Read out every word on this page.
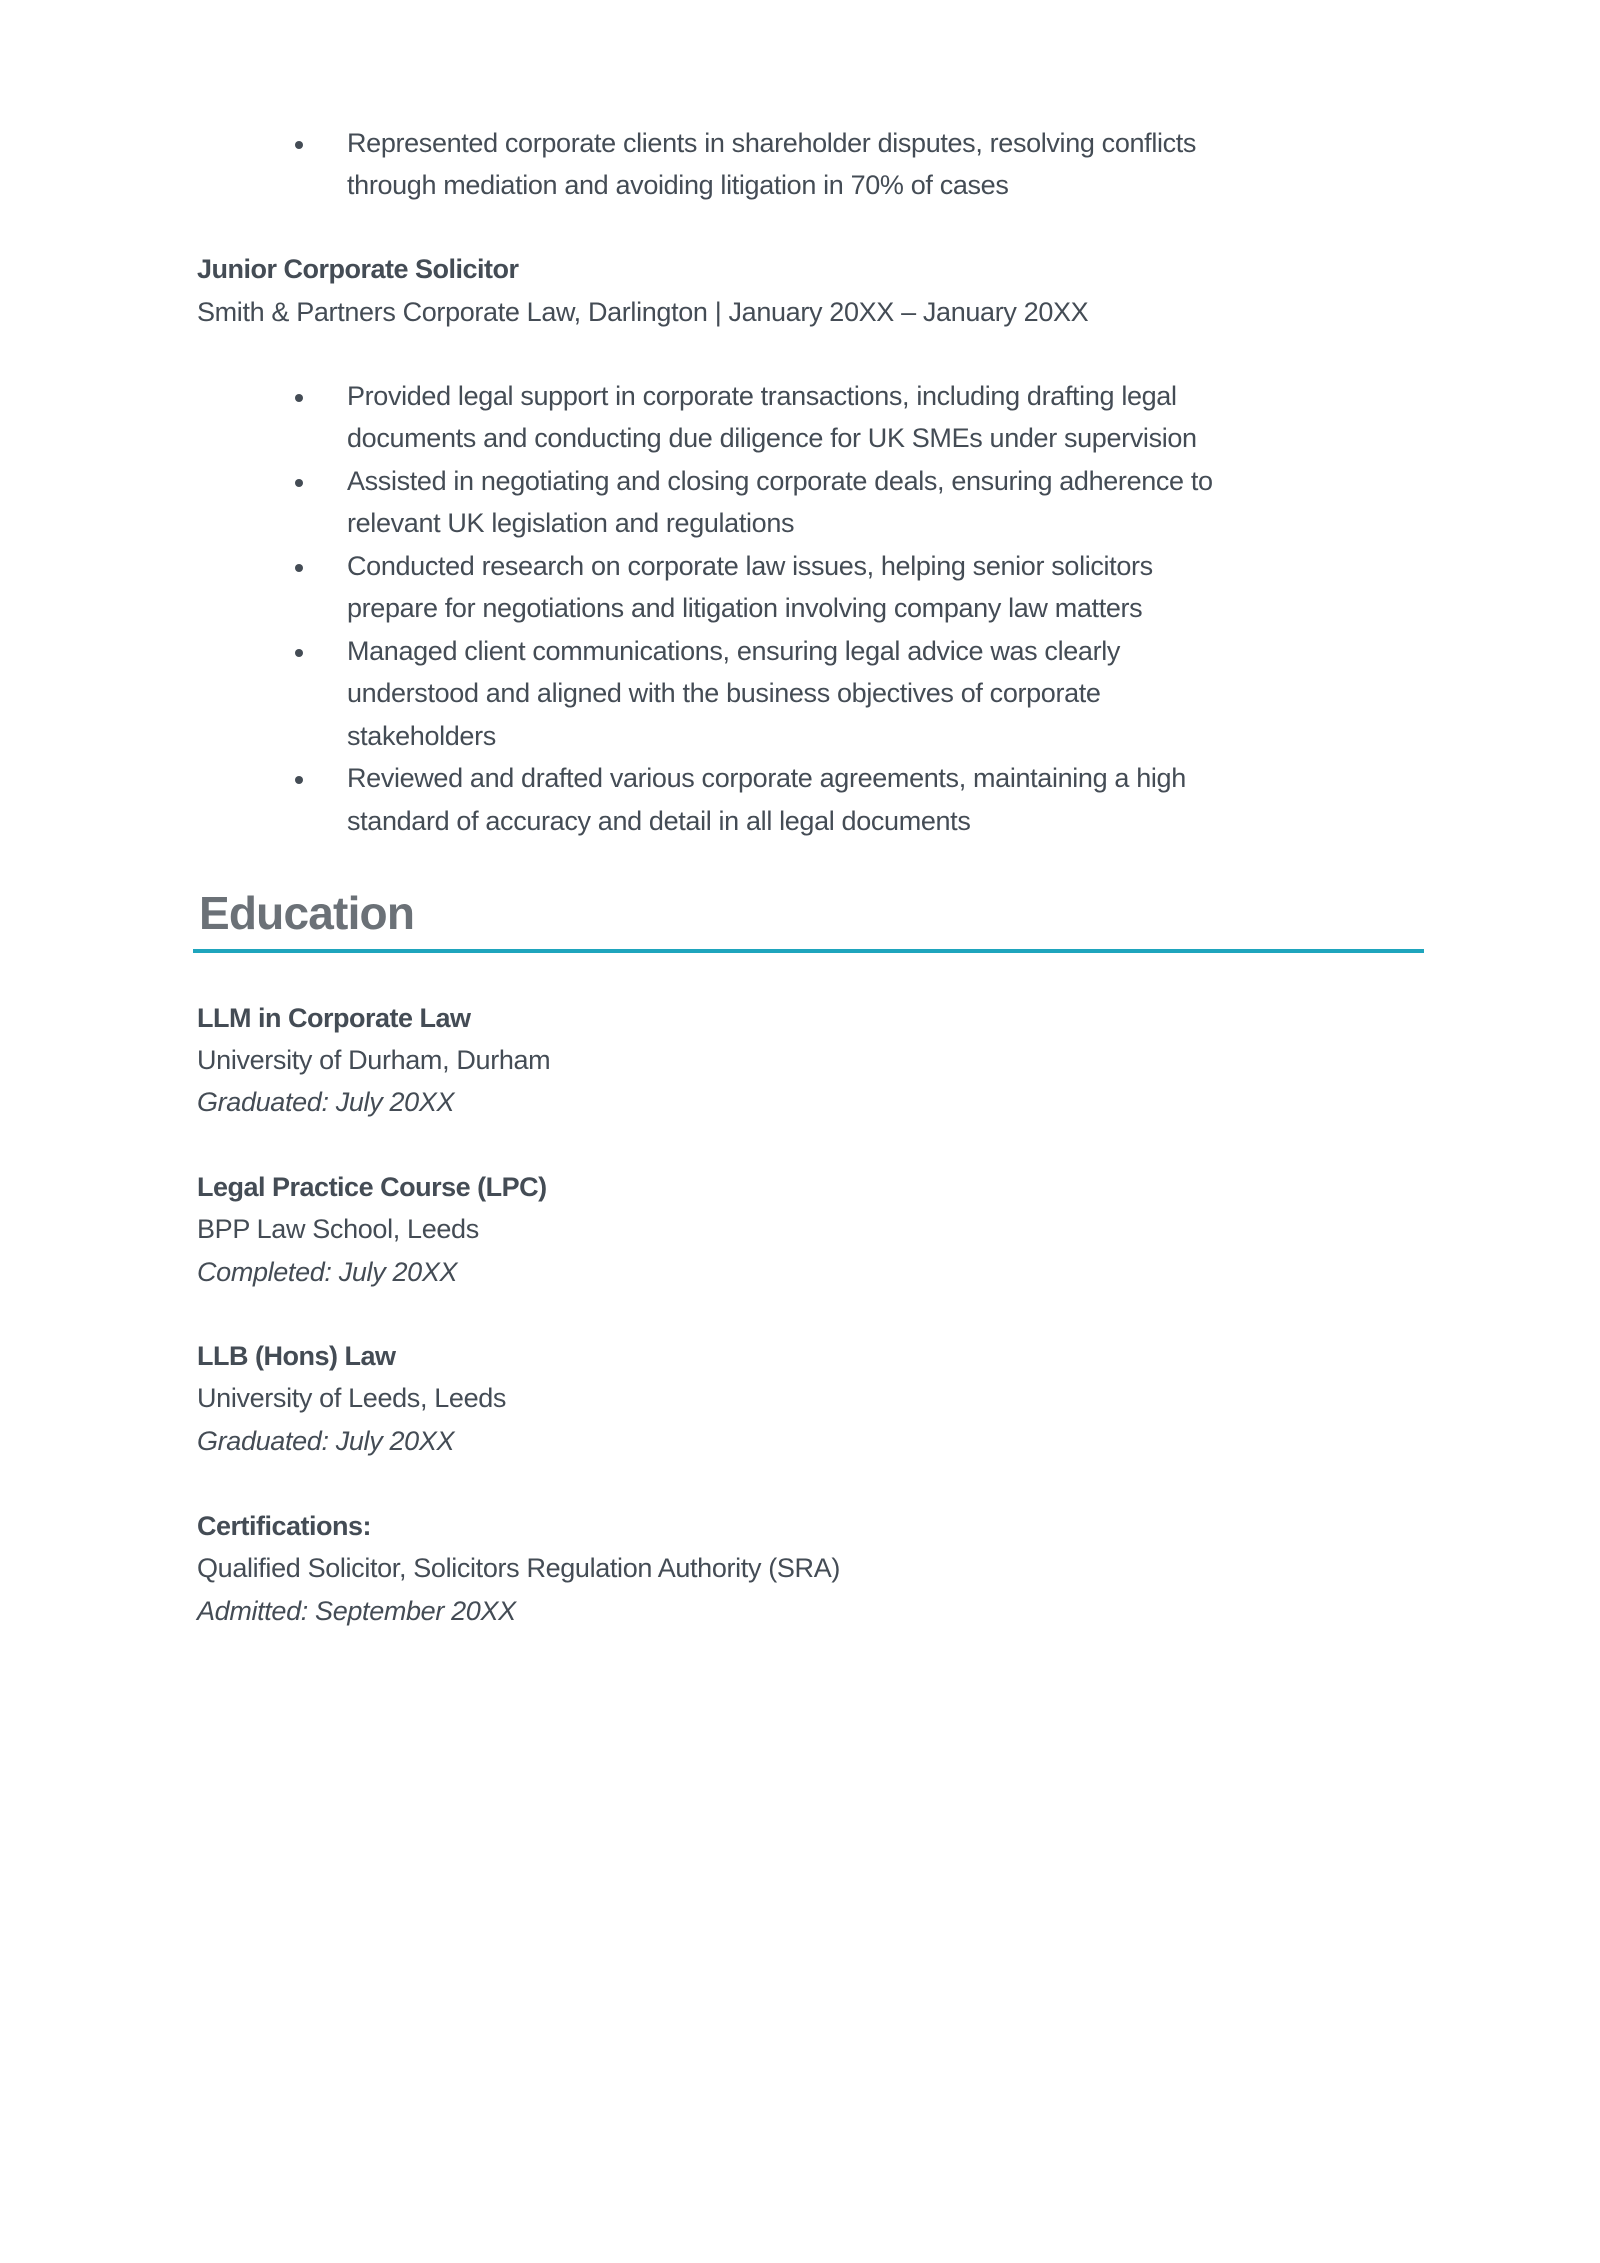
Represented corporate clients in shareholder disputes, resolving conflicts
through mediation and avoiding litigation in 70% of cases
Junior Corporate Solicitor
Smith & Partners Corporate Law, Darlington | January 20XX – January 20XX
Provided legal support in corporate transactions, including drafting legal
documents and conducting due diligence for UK SMEs under supervision
Assisted in negotiating and closing corporate deals, ensuring adherence to
relevant UK legislation and regulations
Conducted research on corporate law issues, helping senior solicitors
prepare for negotiations and litigation involving company law matters
Managed client communications, ensuring legal advice was clearly
understood and aligned with the business objectives of corporate
stakeholders
Reviewed and drafted various corporate agreements, maintaining a high
standard of accuracy and detail in all legal documents
Education
LLM in Corporate Law
University of Durham, Durham
Graduated: July 20XX
Legal Practice Course (LPC)
BPP Law School, Leeds
Completed: July 20XX
LLB (Hons) Law
University of Leeds, Leeds
Graduated: July 20XX
Certifications:
Qualified Solicitor, Solicitors Regulation Authority (SRA)
Admitted: September 20XX
